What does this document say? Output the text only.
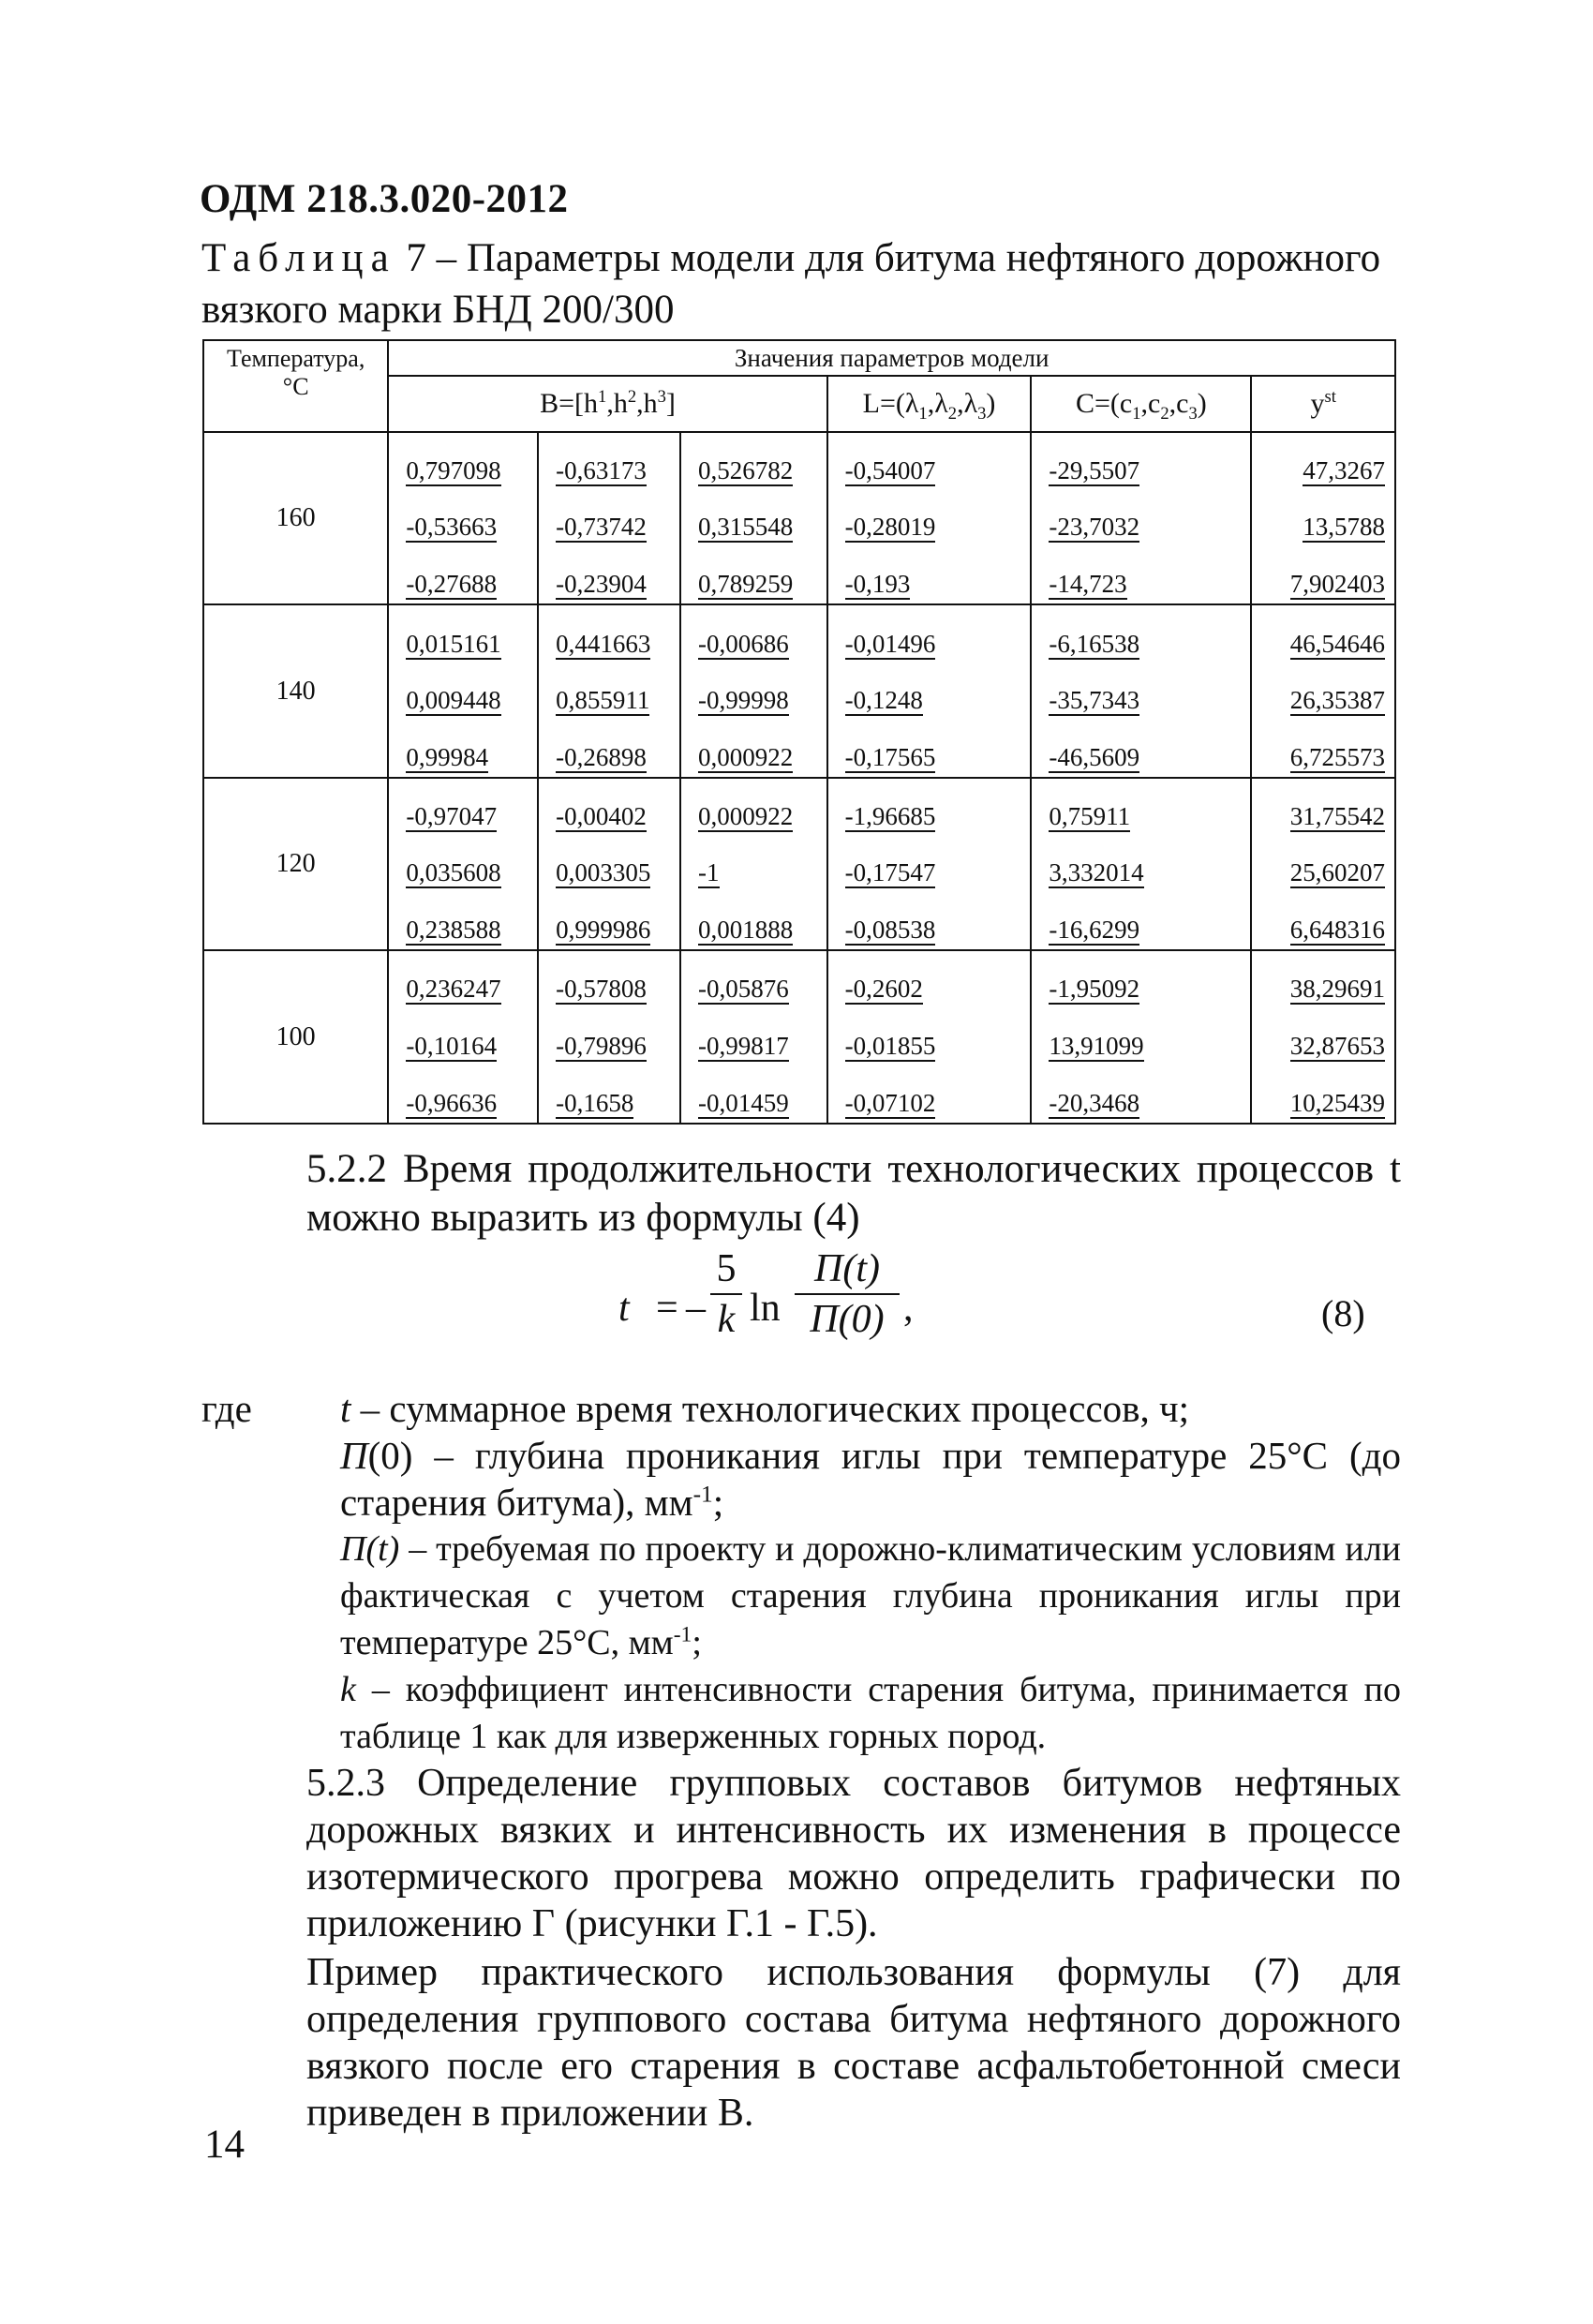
ОДМ 218.3.020-2012
Таблица 7 – Параметры модели для битума нефтяного дорожного вязкого марки БНД 200/300
Температура,
°С	Значения параметров модели					
	$B=[h^1,h^2,h^3]$			$L=(\lambda_1,\lambda_2,\lambda_3)$	$C=(c_1,c_2,c_3)$	$y^{st}$
160	0,797098	-0,63173	0,526782	-0,54007	-29,5507	47,3267
	-0,53663	-0,73742	0,315548	-0,28019	-23,7032	13,5788
	-0,27688	-0,23904	0,789259	-0,193	-14,723	7,902403
140	0,015161	0,441663	-0,00686	-0,01496	-6,16538	46,54646
	0,009448	0,855911	-0,99998	-0,1248	-35,7343	26,35387
	0,99984	-0,26898	0,000922	-0,17565	-46,5609	6,725573
120	-0,97047	-0,00402	0,000922	-1,96685	0,75911	31,75542
	0,035608	0,003305	-1	-0,17547	3,332014	25,60207
	0,238588	0,999986	0,001888	-0,08538	-16,6299	6,648316
100	0,236247	-0,57808	-0,05876	-0,2602	-1,95092	38,29691
	-0,10164	-0,79896	-0,99817	-0,01855	13,91099	32,87653
	-0,96636	-0,1658	-0,01459	-0,07102	-20,3468	10,25439
5.2.2 Время продолжительности технологических процессов t можно выразить из формулы (4)
t = –
5
k ln
П(t)
П(0) ,	(8)

где t – суммарное время технологических процессов, ч;

П(0) – глубина проникания иглы при температуре 25°С (до старения битума), $мм^{-1}$;

П(t) – требуемая по проекту и дорожно-климатическим условиям или фактическая с учетом старения глубина проникания иглы при температуре 25°С, $мм^{-1}$;

k – коэффициент интенсивности старения битума, принимается по таблице 1 как для изверженных горных пород.

5.2.3 Определение групповых составов битумов нефтяных дорожных вязких и интенсивность их изменения в процессе изотермического прогрева можно определить графически по приложению Г (рисунки Г.1 - Г.5).
Пример практического использования формулы (7) для определения группового состава битума нефтяного дорожного вязкого после его старения в составе асфальтобетонной смеси приведен в приложении В.
14
